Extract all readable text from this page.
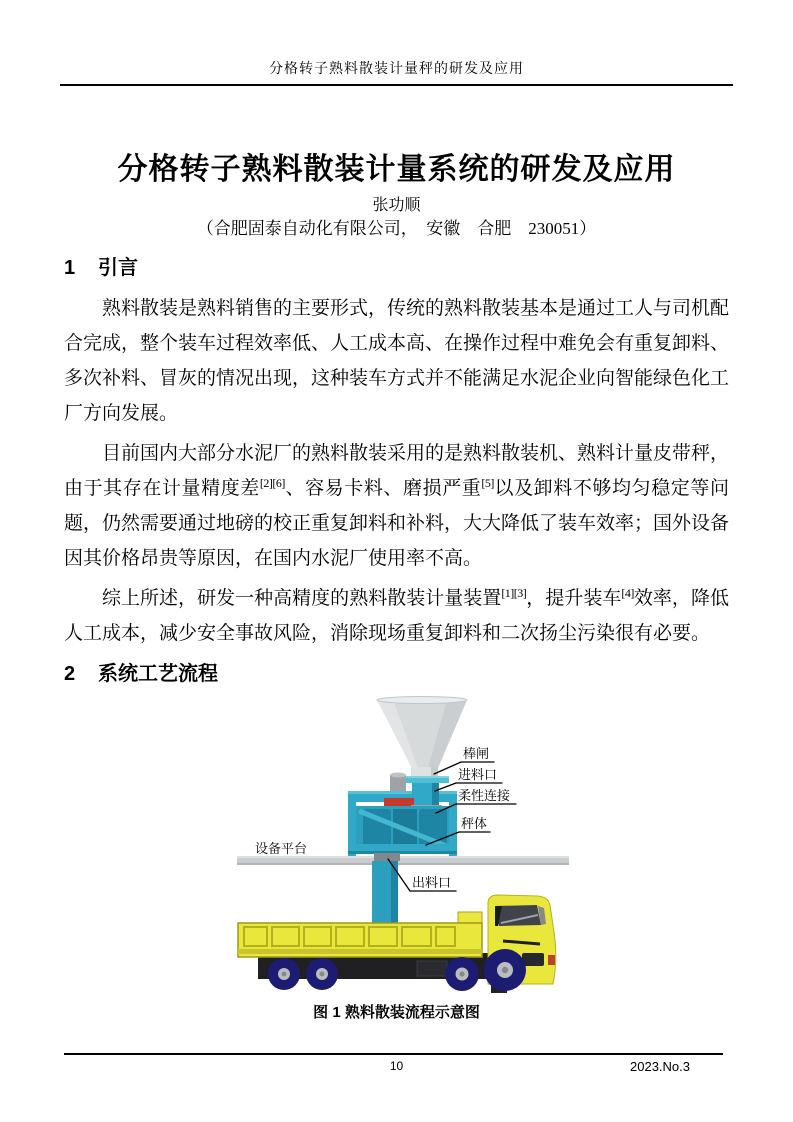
分格转子熟料散装计量秤的研发及应用
分格转子熟料散装计量系统的研发及应用
张功顺
（合肥固泰自动化有限公司，　安徽　合肥　230051）
1 引言

熟料散装是熟料销售的主要形式，传统的熟料散装基本是通过工人与司机配合完成，整个装车过程效率低、人工成本高、在操作过程中难免会有重复卸料、多次补料、冒灰的情况出现，这种装车方式并不能满足水泥企业向智能绿色化工厂方向发展。

目前国内大部分水泥厂的熟料散装采用的是熟料散装机、熟料计量皮带秤，由于其存在计量精度差[2][6]、容易卡料、磨损严重[5]以及卸料不够均匀稳定等问题，仍然需要通过地磅的校正重复卸料和补料，大大降低了装车效率；国外设备因其价格昂贵等原因，在国内水泥厂使用率不高。

综上所述，研发一种高精度的熟料散装计量装置[1][3]，提升装车[4]效率，降低人工成本，减少安全事故风险，消除现场重复卸料和二次扬尘污染很有必要。

2 系统工艺流程
棒闸
进料口
柔性连接
秤体
设备平台
出料口
图 1 熟料散装流程示意图
10	2023.No.3
